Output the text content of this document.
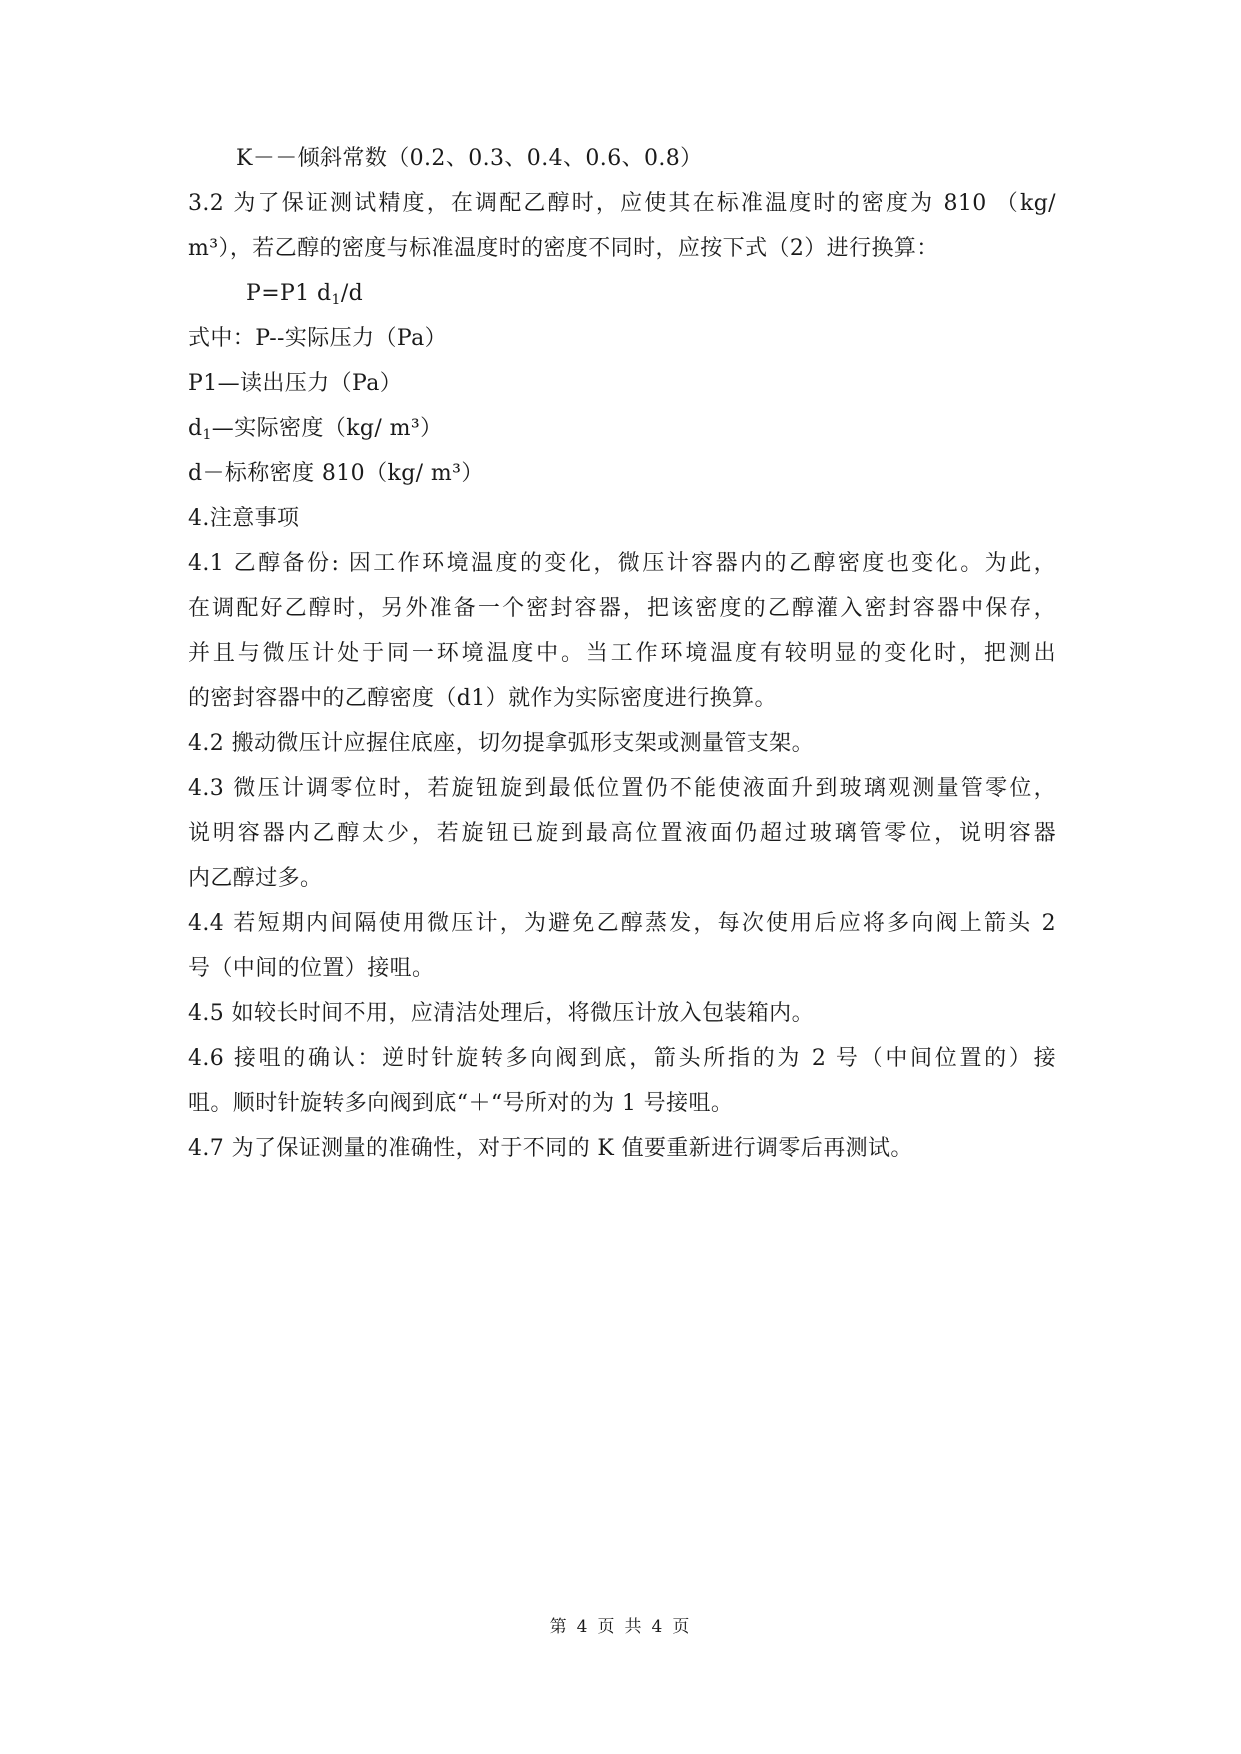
K－－倾斜常数（0.2、0.3、0.4、0.6、0.8）
3.2 为了保证测试精度，在调配乙醇时，应使其在标准温度时的密度为 810 （kg/
m³），若乙醇的密度与标准温度时的密度不同时，应按下式（2）进行换算：
P=P1 $d_1/d$
式中：P--实际压力（Pa）
P1—读出压力（Pa）
$d_1—$实际密度（kg/ m³）
d－标称密度 810（kg/ m³）
4.注意事项
4.1 乙醇备份: 因工作环境温度的变化，微压计容器内的乙醇密度也变化。为此，
在调配好乙醇时，另外准备一个密封容器，把该密度的乙醇灌入密封容器中保存，
并且与微压计处于同一环境温度中。当工作环境温度有较明显的变化时，把测出
的密封容器中的乙醇密度（d1）就作为实际密度进行换算。
4.2 搬动微压计应握住底座，切勿提拿弧形支架或测量管支架。
4.3 微压计调零位时，若旋钮旋到最低位置仍不能使液面升到玻璃观测量管零位，
说明容器内乙醇太少，若旋钮已旋到最高位置液面仍超过玻璃管零位，说明容器
内乙醇过多。
4.4 若短期内间隔使用微压计，为避免乙醇蒸发，每次使用后应将多向阀上箭头 2
号（中间的位置）接咀。
4.5 如较长时间不用，应清洁处理后，将微压计放入包装箱内。
4.6 接咀的确认：逆时针旋转多向阀到底，箭头所指的为 2 号（中间位置的）接
咀。顺时针旋转多向阀到底“＋“号所对的为 1 号接咀。
4.7 为了保证测量的准确性，对于不同的 K 值要重新进行调零后再测试。
第 4 页 共 4 页
